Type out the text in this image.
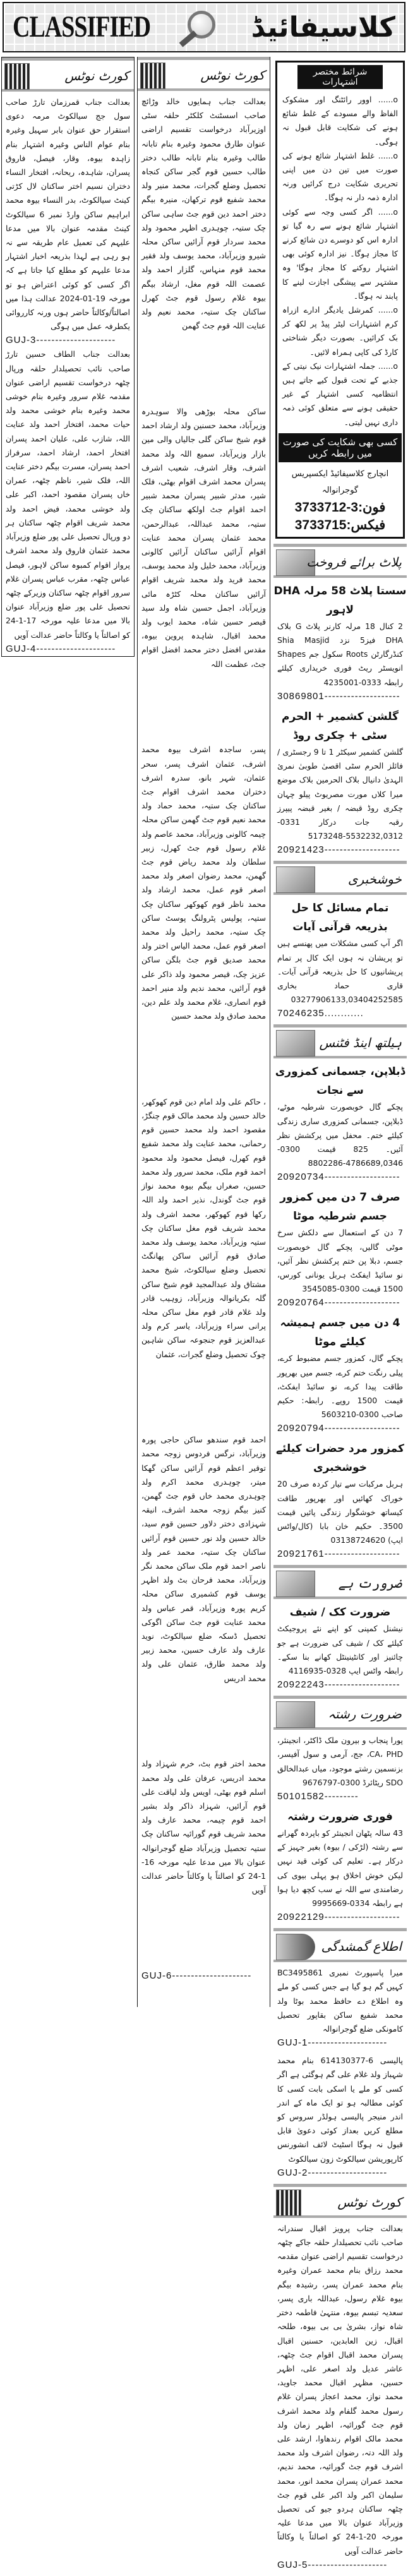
CLASSIFIED	کلاسیفائیڈ
کورٹ نوٹس
بعدالت جناب قمرزمان تارڑ صاحب سول جج سیالکوٹ مرمہ دعوی استقرار حق عنوان بابر سہیل وغیرہ بنام عوام الناس وغیرہ اشتہار بنام زاہدہ بیوہ، وقار، فیصل، فاروق پسران، شاہدہ، ریحانہ، افتخار النساء دختران نسیم اختر ساکنان لال کڑتی کینٹ سیالکوٹ، بدر النساء بیوہ محمد ابراہیم ساکن وارڈ نمبر 6 سیالکوٹ کینٹ مقدمہ عنوان بالا میں مدعا علیہم کی تعمیل عام طریقہ سے نہ ہو رہی ہے لہذا بذریعہ اخبار اشتہار مدعا علیہم کو مطلع کیا جاتا ہے کہ اگر کسی کو کوئی اعتراض ہو تو مورخہ 19-01-2024 عدالت ہذا میں اصالتاً/وکالتاً حاضر ہوں ورنہ کارروائی یکطرفہ عمل میں ہوگی
GUJ-3---------------------
بعدالت جناب الطاف حسین تارڑ صاحب نائب تحصیلدار حلقہ ورپال چٹھہ درخواست تقسیم اراضی عنوان مقدمہ غلام سرور وغیرہ بنام خوشی محمد وغیرہ بنام خوشی محمد ولد حیات محمد، افتخار احمد ولد عنایت اللہ، شازب علی، علیان احمد پسران افتخار احمد، ارشاد احمد، سرفراز احمد پسران، مسرت بیگم دختر عنایت اللہ، فلک شیر، ناظم چٹھہ، عمران خاں پسران مقصود احمد، اکبر علی ولد خوشی محمد، فیض احمد ولد محمد شریف اقوام چٹھہ ساکنان ہر دو ورپال تحصیل علی پور ضلع وزیرآباد محمد عثمان فاروق ولد محمد اشرف پرواز اقوام کمبوہ ساکن لاہور، فیصل عباس چٹھہ، مقرب عباس پسران غلام سرور اقوام چٹھہ ساکنان وزیرکے چٹھہ تحصیل علی پور ضلع وزیرآباد عنوان بالا میں مدعا علیہ مورخہ 17-1-24 کو اصالتاً یا وکالتاً حاضر عدالت آویں
GUJ-4---------------------
کورٹ نوٹس
بعدالت جناب ہمایوں خالد وڑائچ صاحب اسسٹنٹ کلکٹر حلقہ سٹی اوزیرآباد درخواست تقسیم اراضی عنوان طارق محمود وغیرہ بنام تابانہ طالب وغیرہ بنام تابانہ طالب دختر طالب حسین قوم گجر ساکن کنجاہ تحصیل وضلع گجرات، محمد منیر ولد محمد شفیع قوم ترکھان، منیرہ بیگم دختر احمد دین قوم جٹ ساہی ساکن چک ستیہ، چوہدری اظہر محمود ولد محمد سردار قوم آرائیں ساکن محلہ شیرو وزیرآباد، محمد یوسف ولد فقیر محمد قوم منہاس، گلزار احمد ولد عصمت اللہ قوم مغل، ارشاد بیگم بیوہ غلام رسول قوم جٹ کھرل ساکنان چک ستیہ، محمد نعیم ولد عنایت اللہ قوم جٹ گھمن
ساکن محلہ بوڑھی والا سوہدرہ وزیرآباد، محمد حسنین ولد ارشاد احمد قوم شیخ ساکن گلی جالیاں والی مین بازار وزیرآباد، سمیع اللہ ولد محمد اشرف، وقار اشرف، شعیب اشرف پسران محمد اشرف اقوام بھٹی، فلک شیر، مدثر شبیر پسران محمد شبیر احمد اقوام جٹ اولکھ ساکنان چک ستیہ، محمد عبداللہ، عبدالرحمن، محمد عثمان پسران محمد عنایت اقوام آرائیں ساکنان آرائیں کالونی وزیرآباد، محمد خلیل ولد محمد یوسف، محمد فرید ولد محمد شریف اقوام آرائیں ساکنان محلہ کٹڑہ مائی وزیرآباد، اجمل حسین شاہ ولد سید قیصر حسین شاہ، محمد ایوب ولد محمد اقبال، شاہدہ پروین بیوہ، مقدس افضل دختر محمد افضل اقوام جٹ، عظمت اللہ
پسر، ساجدہ اشرف بیوہ محمد اشرف، عثمان اشرف پسر، سحر عثمان، شہر بانو، سدرہ اشرف دختران محمد اشرف اقوام جٹ ساکنان چک ستیہ، محمد حماد ولد محمد نعیم قوم جٹ گھمن ساکن محلہ چیمہ کالونی وزیرآباد، محمد عاصم ولد غلام رسول قوم جٹ کھرل، زبیر سلطان ولد محمد ریاض قوم جٹ گھمن، محمد رضوان اصغر ولد محمد اصغر قوم عمل، محمد ارشاد ولد محمد ناظر قوم کھوکھر ساکنان چک ستیہ، پولیس پٹرولنگ پوسٹ ساکن چک ستیہ، محمد راحیل ولد محمد اصغر قوم عمل، محمد الیاس اختر ولد محمد صدیق قوم جٹ بلگن ساکن عزیز چک، قیصر محمود ولد ذاکر علی قوم آرائیں، محمد ندیم ولد منیر احمد قوم انصاری، غلام محمد ولد علم دین، محمد صادق ولد محمد حسین
، حاکم علی ولد امام دین قوم کھوکھر، خالد حسین ولد محمد مالک قوم چنگڑ، مقصود احمد ولد محمد حسین قوم رحمانی، محمد عنایت ولد محمد شفیع قوم کھرل، فیصل محمود ولد محمود احمد قوم ملک، محمد سرور ولد محمد حسین، صغراں بیگم بیوہ محمد نواز قوم جٹ گوندل، نذیر احمد ولد اللہ رکھا قوم کھوکھر، محمد اشرف ولد محمد شریف قوم مغل ساکنان چک ستیہ وزیرآباد، محمد یوسف ولد محمد صادق قوم آرائیں ساکن پھانگٹ تحصیل وضلع سیالکوٹ، شیخ محمد مشتاق ولد عبدالمجید قوم شیخ ساکن گلہ بکریانوالہ وزیرآباد، زوہیب قادر ولد غلام قادر قوم مغل ساکن محلہ پرانی سراء وزیرآباد، یاسر کرم ولد عبدالعزیز قوم جنجوعہ ساکن شاہین چوک تحصیل وضلع گجرات، عثمان
احمد قوم سندھو ساکن حاجی پورہ وزیرآباد، نرگس فردوس زوجہ محمد توقیر اعظم قوم آرائیں ساکن گھکا میتر، چوہدری محمد اکرم ولد چوہدری محمد خاں قوم جٹ گھمن، کنیز بیگم زوجہ محمد اشرف، انیقہ شہزادی دختر دلاور حسین قوم سید، خالد حسین ولد نور حسین قوم آرائیں ساکنان چک ستیہ، محمد عمر ولد ناصر احمد قوم ملک ساکن محمد نگر وزیرآباد، محمد فرحان بٹ ولد اظہر یوسف قوم کشمیری ساکن محلہ کریم پورہ وزیرآباد، قمر عباس ولد محمد عنایت قوم جٹ ساکن اگوکی تحصیل ڈسکہ ضلع سیالکوٹ، نوید عارف ولد عارف حسین، محمد زبیر ولد محمد طارق، عثمان علی ولد محمد ادریس
محمد اختر قوم بٹ، خرم شہزاد ولد محمد ادریس، عرفان علی ولد محمد اسلم قوم بھٹی، اویس ولد لیاقت علی قوم آرائیں، شہزاد ذاکر ولد بشیر احمد قوم چیمہ، محمد عارف ولد محمد شریف قوم گورائیہ ساکنان چک ستیہ تحصیل وزیرآباد ضلع گوجرانوالہ عنوان بالا میں مدعا علیہ مورخہ 16-1-24 کو اصالتاً یا وکالتاً حاضر عدالت آویں
GUJ-6---------------------
شرائط مختصر اشتہارات
o...... اوور رائٹنگ اور مشکوک الفاظ والے مسودے کے غلط شائع ہونے کی شکایت قابل قبول نہ ہوگی۔
o...... غلط اشتہار شائع ہونے کی صورت میں تین دن میں اپنی تحریری شکایت درج کرائیں ورنہ ادارہ ذمہ دار نہ ہوگا۔
o...... اگر کسی وجہ سے کوئی اشتہار شائع ہونے سے رہ گیا تو ادارہ اس کو دوسرے دن شائع کرنے کا مجاز ہوگا۔ نیز ادارہ کوئی بھی اشتہار روکنے کا مجاز ہوگا' وہ مشتہر سے پیشگی اجازت لینے کا پابند نہ ہوگا۔
o...... کمرشل یادیگر ادارے ازراہ کرم اشتہارات لیٹر پیڈ پر لکھ کر بک کرائیں۔ بصورت دیگر شناختی کارڈ کی کاپی ہمراہ لائیں۔
o...... جملہ اشتہارات نیک نیتی کے جذبے کے تحت قبول کیے جاتے ہیں انتظامیہ کسی اشتہار کے غیر حقیقی ہونے سے متعلق کوئی ذمہ داری نہیں لیتی۔
کسی بھی شکایت کی صورت میں رابطہ کریں
انچارج کلاسیفائیڈ ایکسپریس گوجرانوالہ
فون:3-3733712
فیکس:3733715
پلاٹ برائے فروخت
سستا پلاٹ 58 مرلہ DHA لاہور
2 کنال 18 مرلہ کارنر پلاٹ G بلاک DHA فیز5 نزد Shia Masjid کنڈرگارٹن Roots سکول جم Shapes انویسٹر ریٹ فوری خریداری کیلئے رابطہ 0333-4235001
30869801--------------------
گلشن کشمیر + الحرم سٹی + چکری روڈ
گلشن کشمیر سیکٹر 1 تا 9 رجسٹری / فائلز الحرم سٹی اقصیٰ طوبیٰ نمرئ الہدیٰ دانیال بلاک الحرمین بلاک موضع میرا کلاں مورت مصریوٹ پیلو چہان چکری روڈ قبضہ / بغیر قبضہ پیپرز رقبہ جات درکار 0331-5532232,0312-5173248
20921423--------------------
خوشخبری
تمام مسائل کا حل بذریعہ قرآنی آیات
اگر آپ کسی مشکلات میں پھنسے ہیں تو پریشان نہ ہوں ایک کال پر تمام پریشانیوں کا حل بذریعہ قرآنی آیات۔ قاری حماد بخاری 03277906133,03404252585
70246235............
ہیلتھ اینڈ فٹنس
ڈبلاپن، جسمانی کمزوری سے نجات
پچکے گال خوبصورت شرطیہ موٹے، ڈبلاپن، جسمانی کمزوری ساری زندگی کیلئے ختم۔ محفل میں پرکشش نظر آئیں۔ 825 قیمت 0300-4786689,0346-8802286
20920734--------------------
صرف 7 دن میں کمزور جسم شرطیہ موٹا
7 دن کے استعمال سے دلکش سرخ موٹی گالیں، پچکے گال خوبصورت جسم، دبلا پن ختم پرکشش نظر آئیں، نو سائیڈ ایفکٹ ہربل یونانی کورس، 1500 قیمت 0300-3545085
20920764--------------------
4 دن میں جسم ہمیشہ کیلئے موٹا
پچکے گال، کمزور جسم مضبوط کرے، پیلی رنگت ختم کرے، جسم میں بھرپور طاقت پیدا کرے، نو سائیڈ ایفکٹ، قیمت 1500 روپے۔ رابطہ: حکیم صاحب 0300-5603210
20920794--------------------
کمزور مرد حضرات کیلئے خوشخبری
ہربل مرکبات سے تیار کردہ صرف 20 خوراک کھائیں اور بھرپور طاقت کیساتھ خوشگوار زندگی پائیں قیمت 3500۔ حکیم خان بابا (کال/واٹس ایپ) 03138724620
20921761--------------------
ضرورت ہے
ضرورت کک / شیف
نیشنل کمپنی کو اپنے نئے پروجیکٹ کیلئے کک / شیف کی ضرورت ہے جو چائنیز اور کانٹینینٹل کھانے بنا سکے۔ رابطہ واٹس ایپ 0328-4116935
20922243--------------------
ضرورت رشتہ
پورا پنجاب و بیرون ملک ڈاکٹر، انجینئر، CA، PHD، جج، آرمی و سول آفیسر، بزنسمین رشتے موجود، میاں عبدالخالق SDO ریٹائرڈ 0300-9676797
50101582---------
فوری ضرورت رشتہ
43 سالہ پٹھان انجینئر کو باپردہ گھرانے سے رشتہ (لڑکی / بیوہ) بغیر جہیز کے درکار ہے۔ تعلیم کی کوئی قید نہیں لیکن خوش اخلاق ہو پہلی بیوی کی رضامندی سے اللہ نے سب کچھ دیا ہوا ہے رابطہ 0334-9995669
20922129--------------------
اطلاع گمشدگی
میرا پاسپورٹ نمبری BC3495861 کہیں گم ہو گیا ہے جس کسی کو ملے وہ اطلاع دے حافظ محمد بوٹا ولد محمد شفیع ساکن بقاپور تحصیل کامونکی ضلع گوجرانوالہ
GUJ-1---------------------
پالیسی 6-614130377 بنام محمد شہباز ولد غلام علی گم ہوگئی ہے اگر کسی کو ملے یا اسکی بابت کسی کا کوئی مطالبہ ہو تو ایک ماہ کے اندر اندر منیجر پالیسی ہولڈر سروس کو مطلع کریں بعداز کوئی دعویٰ قابل قبول نہ ہوگا اسٹیٹ لائف انشورنس کارپوریشن سیالکوٹ زون سیالکوٹ
GUJ-2---------------------
کورٹ نوٹس
بعدالت جناب پرویز اقبال سندرانہ صاحب نائب تحصیلدار حلقہ جاکے چٹھہ درخواست تقسیم اراضی عنوان مقدمہ محمد رزاق بنام محمد عمران وغیرہ بنام محمد عمران پسر، رشیدہ بیگم بیوہ غلام رسول، عبداللہ باری پسر، سعدیہ تبسم بیوہ، منتہیٰ فاطمہ دختر شاہ نواز، بشریٰ بی بی بیوہ، طلحہ اقبال، زین العابدین، حسنین اقبال پسران محمد اقبال اقوام جٹ چٹھہ، عاشر عدیل ولد اصغر علی، اظہر حسین، مظہر اقبال محمد جاوید، محمد نواز، محمد اعجاز پسران غلام رسول محمد گلفام ولد محمد اشرف قوم جٹ گورائیہ، اظہر زمان ولد محمد مالک اقوام رندھاوا، ارشد علی ولد اللہ دتہ، رضوان اشرف ولد محمد اشرف قوم جٹ گورائیہ، محمد ندیم، محمد عمران پسران محمد انور، محمد سلیمان اکبر ولد اکبر علی قوم جٹ چٹھہ ساکنان ہردو جیو کی تحصیل وزیرآباد عنوان بالا میں مدعا علیہ مورخہ 20-1-24 کو اصالتاً یا وکالتاً حاضر عدالت آویں
GUJ-5---------------------
